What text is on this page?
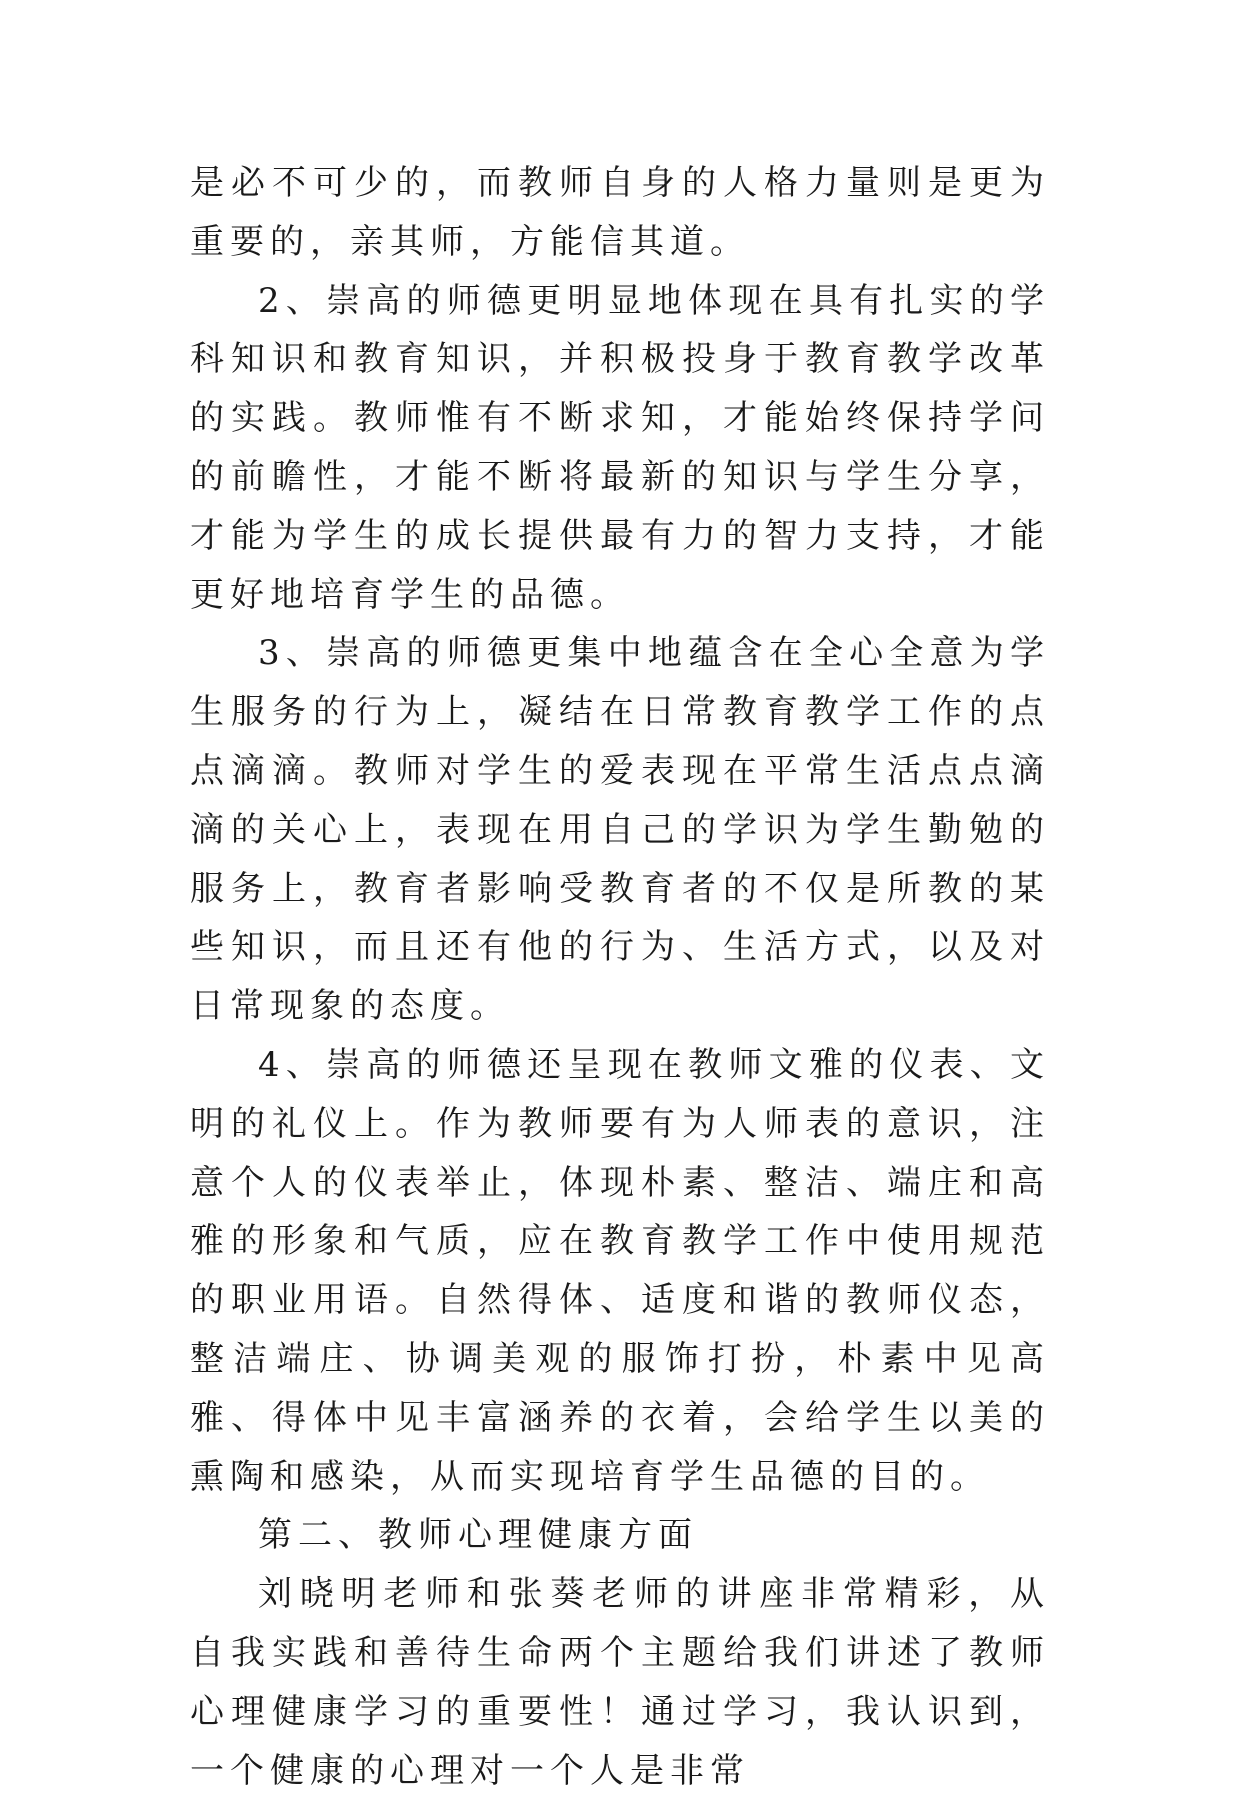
是必不可少的，而教师自身的人格力量则是更为重要的，亲其师，方能信其道。

2、崇高的师德更明显地体现在具有扎实的学科知识和教育知识，并积极投身于教育教学改革的实践。教师惟有不断求知，才能始终保持学问的前瞻性，才能不断将最新的知识与学生分享，才能为学生的成长提供最有力的智力支持，才能更好地培育学生的品德。

3、崇高的师德更集中地蕴含在全心全意为学生服务的行为上，凝结在日常教育教学工作的点点滴滴。教师对学生的爱表现在平常生活点点滴滴的关心上，表现在用自己的学识为学生勤勉的服务上，教育者影响受教育者的不仅是所教的某些知识，而且还有他的行为、生活方式，以及对日常现象的态度。

4、崇高的师德还呈现在教师文雅的仪表、文明的礼仪上。作为教师要有为人师表的意识，注意个人的仪表举止，体现朴素、整洁、端庄和高雅的形象和气质，应在教育教学工作中使用规范的职业用语。自然得体、适度和谐的教师仪态，整洁端庄、协调美观的服饰打扮，朴素中见高雅、得体中见丰富涵养的衣着，会给学生以美的熏陶和感染，从而实现培育学生品德的目的。

第二、教师心理健康方面

刘晓明老师和张葵老师的讲座非常精彩，从自我实践和善待生命两个主题给我们讲述了教师心理健康学习的重要性！通过学习，我认识到，一个健康的心理对一个人是非常
